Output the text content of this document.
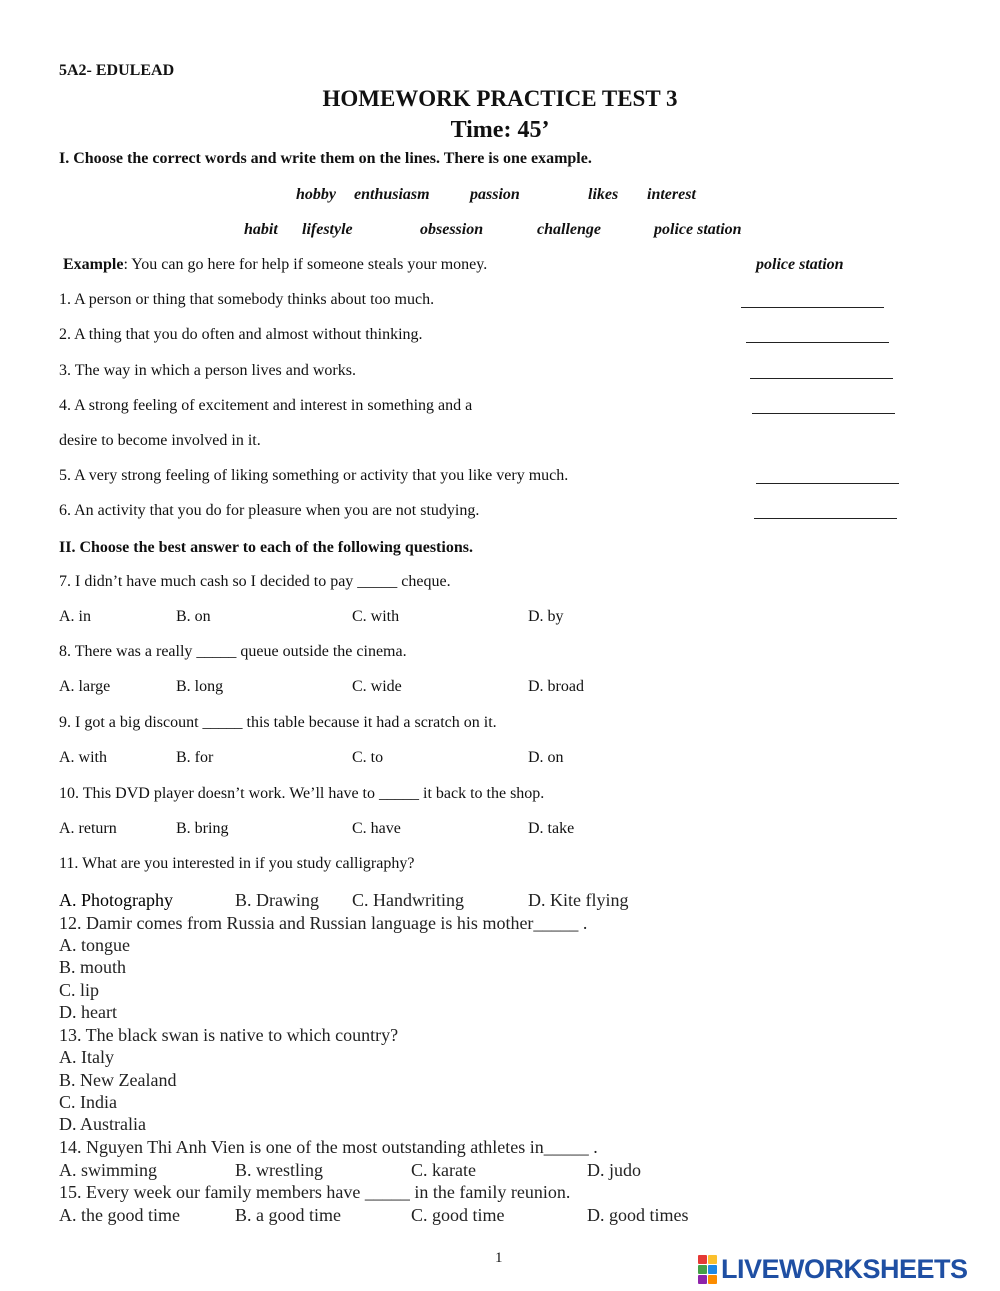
5A2- EDULEAD
HOMEWORK PRACTICE TEST 3
Time: 45’
I. Choose the correct words and write them on the lines. There is one example.
hobby enthusiasm	passion	likes interest
habit lifestyle	obsession	challenge	police station
Example: You can go here for help if someone steals your money.	police station
1. A person or thing that somebody thinks about too much.
2. A thing that you do often and almost without thinking.
3. The way in which a person lives and works.
4. A strong feeling of excitement and interest in something and a
desire to become involved in it.
5. A very strong feeling of liking something or activity that you like very much.
6. An activity that you do for pleasure when you are not studying.
II. Choose the best answer to each of the following questions.
7. I didn’t have much cash so I decided to pay _____ cheque.
A. in	B. on	C. with	D. by
8. There was a really _____ queue outside the cinema.
A. large	B. long	C. wide	D. broad
9. I got a big discount _____ this table because it had a scratch on it.
A. with	B. for	C. to	D. on
10. This DVD player doesn’t work. We’ll have to _____ it back to the shop.
A. return	B. bring	C. have	D. take
11. What are you interested in if you study calligraphy?
A. Photography	B. Drawing C. Handwriting	D. Kite flying
12. Damir comes from Russia and Russian language is his mother_____ .
A. tongue
B. mouth
C. lip
D. heart
13. The black swan is native to which country?
A. Italy
B. New Zealand
C. India
D. Australia
14. Nguyen Thi Anh Vien is one of the most outstanding athletes in_____ .
A. swimming	B. wrestling	C. karate	D. judo
15. Every week our family members have _____ in the family reunion.
A. the good time	B. a good time	C. good time	D. good times
1	LIVEWORKSHEETS
